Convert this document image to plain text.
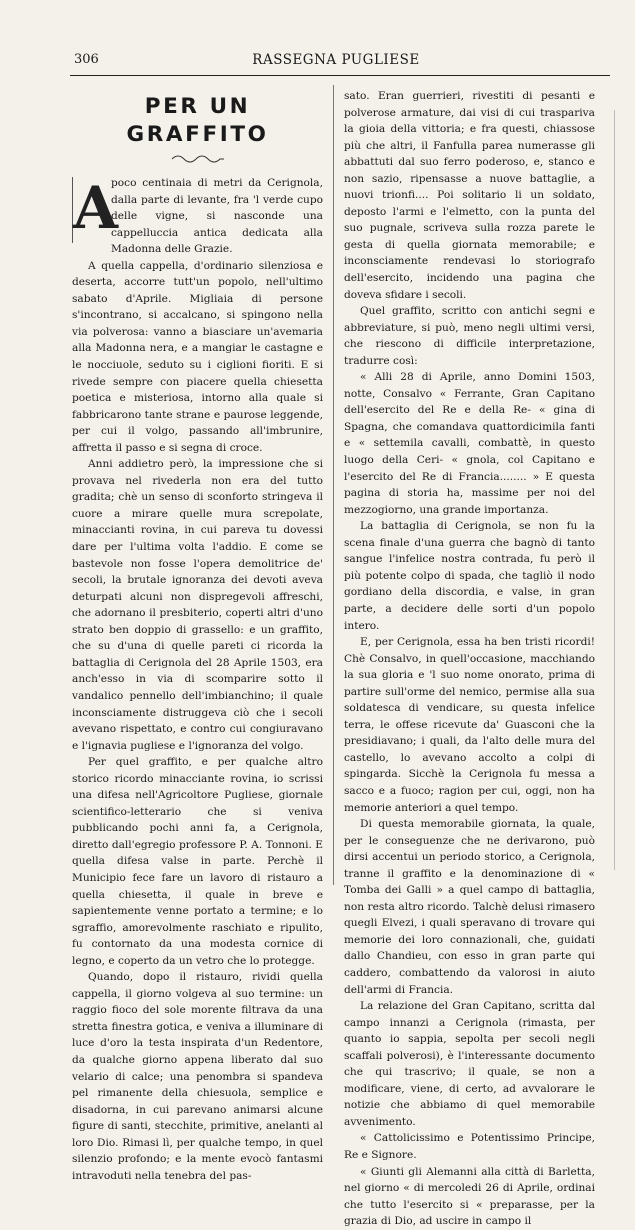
306	RASSEGNA PUGLIESE
PER UN GRAFFITO
A

poco centinaia di metri da Cerignola, dalla parte di levante, fra 'l verde cupo delle vigne, si nasconde una cappelluccia antica dedicata alla Madonna delle Grazie.

A quella cappella, d'ordinario silenziosa e deserta, accorre tutt'un popolo, nell'ultimo sabato d'Aprile. Migliaia di persone s'incontrano, si accalcano, si spingono nella via polverosa: vanno a biasciare un'avemaria alla Madonna nera, e a mangiar le castagne e le nocciuole, seduto su i ciglioni fioriti. E si rivede sempre con piacere quella chiesetta poetica e misteriosa, intorno alla quale si fabbricarono tante strane e paurose leggende, per cui il volgo, passando all'imbrunire, affretta il passo e si segna di croce.

Anni addietro però, la impressione che si provava nel rivederla non era del tutto gradita; chè un senso di sconforto stringeva il cuore a mirare quelle mura screpolate, minaccianti rovina, in cui pareva tu dovessi dare per l'ultima volta l'addio. E come se bastevole non fosse l'opera demolitrice de' secoli, la brutale ignoranza dei devoti aveva deturpati alcuni non dispregevoli affreschi, che adornano il presbiterio, coperti altri d'uno strato ben doppio di grassello: e un graffito, che su d'una di quelle pareti ci ricorda la battaglia di Cerignola del 28 Aprile 1503, era anch'esso in via di scomparire sotto il vandalico pennello dell'imbianchino; il quale inconsciamente distruggeva ciò che i secoli avevano rispettato, e contro cui congiuravano e l'ignavia pugliese e l'ignoranza del volgo.

Per quel graffito, e per qualche altro storico ricordo minacciante rovina, io scrissi una difesa nell'Agricoltore Pugliese, giornale scientifico-letterario che si veniva pubblicando pochi anni fa, a Cerignola, diretto dall'egregio professore P. A. Tonnoni. E quella difesa valse in parte. Perchè il Municipio fece fare un lavoro di ristauro a quella chiesetta, il quale in breve e sapientemente venne portato a termine; e lo sgraffio, amorevolmente raschiato e ripulito, fu contornato da una modesta cornice di legno, e coperto da un vetro che lo protegge.

Quando, dopo il ristauro, rividi quella cappella, il giorno volgeva al suo termine: un raggio fioco del sole morente filtrava da una stretta finestra gotica, e veniva a illuminare di luce d'oro la testa inspirata d'un Redentore, da qualche giorno appena liberato dal suo velario di calce; una penombra si spandeva pel rimanente della chiesuola, semplice e disadorna, in cui parevano animarsi alcune figure di santi, stecchite, primitive, anelanti al loro Dio. Rimasi lì, per qualche tempo, in quel silenzio profondo; e la mente evocò fantasmi intravoduti nella tenebra del pas-

sato. Eran guerrieri, rivestiti di pesanti e polverose armature, dai visi di cui traspariva la gioia della vittoria; e fra questi, chiassose più che altri, il Fanfulla parea numerasse gli abbattuti dal suo ferro poderoso, e, stanco e non sazio, ripensasse a nuove battaglie, a nuovi trionfi.... Poi solitario li un soldato, deposto l'armi e l'elmetto, con la punta del suo pugnale, scriveva sulla rozza parete le gesta di quella giornata memorabile; e inconsciamente rendevasi lo storiografo dell'esercito, incidendo una pagina che doveva sfidare i secoli.

Quel graffito, scritto con antichi segni e abbreviature, si può, meno negli ultimi versi, che riescono di difficile interpretazione, tradurre così:

« Alli 28 di Aprile, anno Domini 1503, notte, Consalvo « Ferrante, Gran Capitano dell'esercito del Re e della Re- « gina di Spagna, che comandava quattordicimila fanti e « settemila cavalli, combattè, in questo luogo della Ceri- « gnola, col Capitano e l'esercito del Re di Francia........ » E questa pagina di storia ha, massime per noi del mezzogiorno, una grande importanza.

La battaglia di Cerignola, se non fu la scena finale d'una guerra che bagnò di tanto sangue l'infelice nostra contrada, fu però il più potente colpo di spada, che tagliò il nodo gordiano della discordia, e valse, in gran parte, a decidere delle sorti d'un popolo intero.

E, per Cerignola, essa ha ben tristi ricordi! Chè Consalvo, in quell'occasione, macchiando la sua gloria e 'l suo nome onorato, prima di partire sull'orme del nemico, permise alla sua soldatesca di vendicare, su questa infelice terra, le offese ricevute da' Guasconi che la presidiavano; i quali, da l'alto delle mura del castello, lo avevano accolto a colpi di spingarda. Sicchè la Cerignola fu messa a sacco e a fuoco; ragion per cui, oggi, non ha memorie anteriori a quel tempo.

Di questa memorabile giornata, la quale, per le conseguenze che ne derivarono, può dirsi accentui un periodo storico, a Cerignola, tranne il graffito e la denominazione di « Tomba dei Galli » a quel campo di battaglia, non resta altro ricordo. Talchè delusi rimasero quegli Elvezi, i quali speravano di trovare qui memorie dei loro connazionali, che, guidati dallo Chandieu, con esso in gran parte qui caddero, combattendo da valorosi in aiuto dell'armi di Francia.

La relazione del Gran Capitano, scritta dal campo innanzi a Cerignola (rimasta, per quanto io sappia, sepolta per secoli negli scaffali polverosi), è l'interessante documento che qui trascrivo; il quale, se non a modificare, viene, di certo, ad avvalorare le notizie che abbiamo di quel memorabile avvenimento.

« Cattolicissimo e Potentissimo Principe, Re e Signore.

« Giunti gli Alemanni alla città di Barletta, nel giorno « di mercoledi 26 di Aprile, ordinai che tutto l'esercito si « preparasse, per la grazia di Dio, ad uscire in campo il
